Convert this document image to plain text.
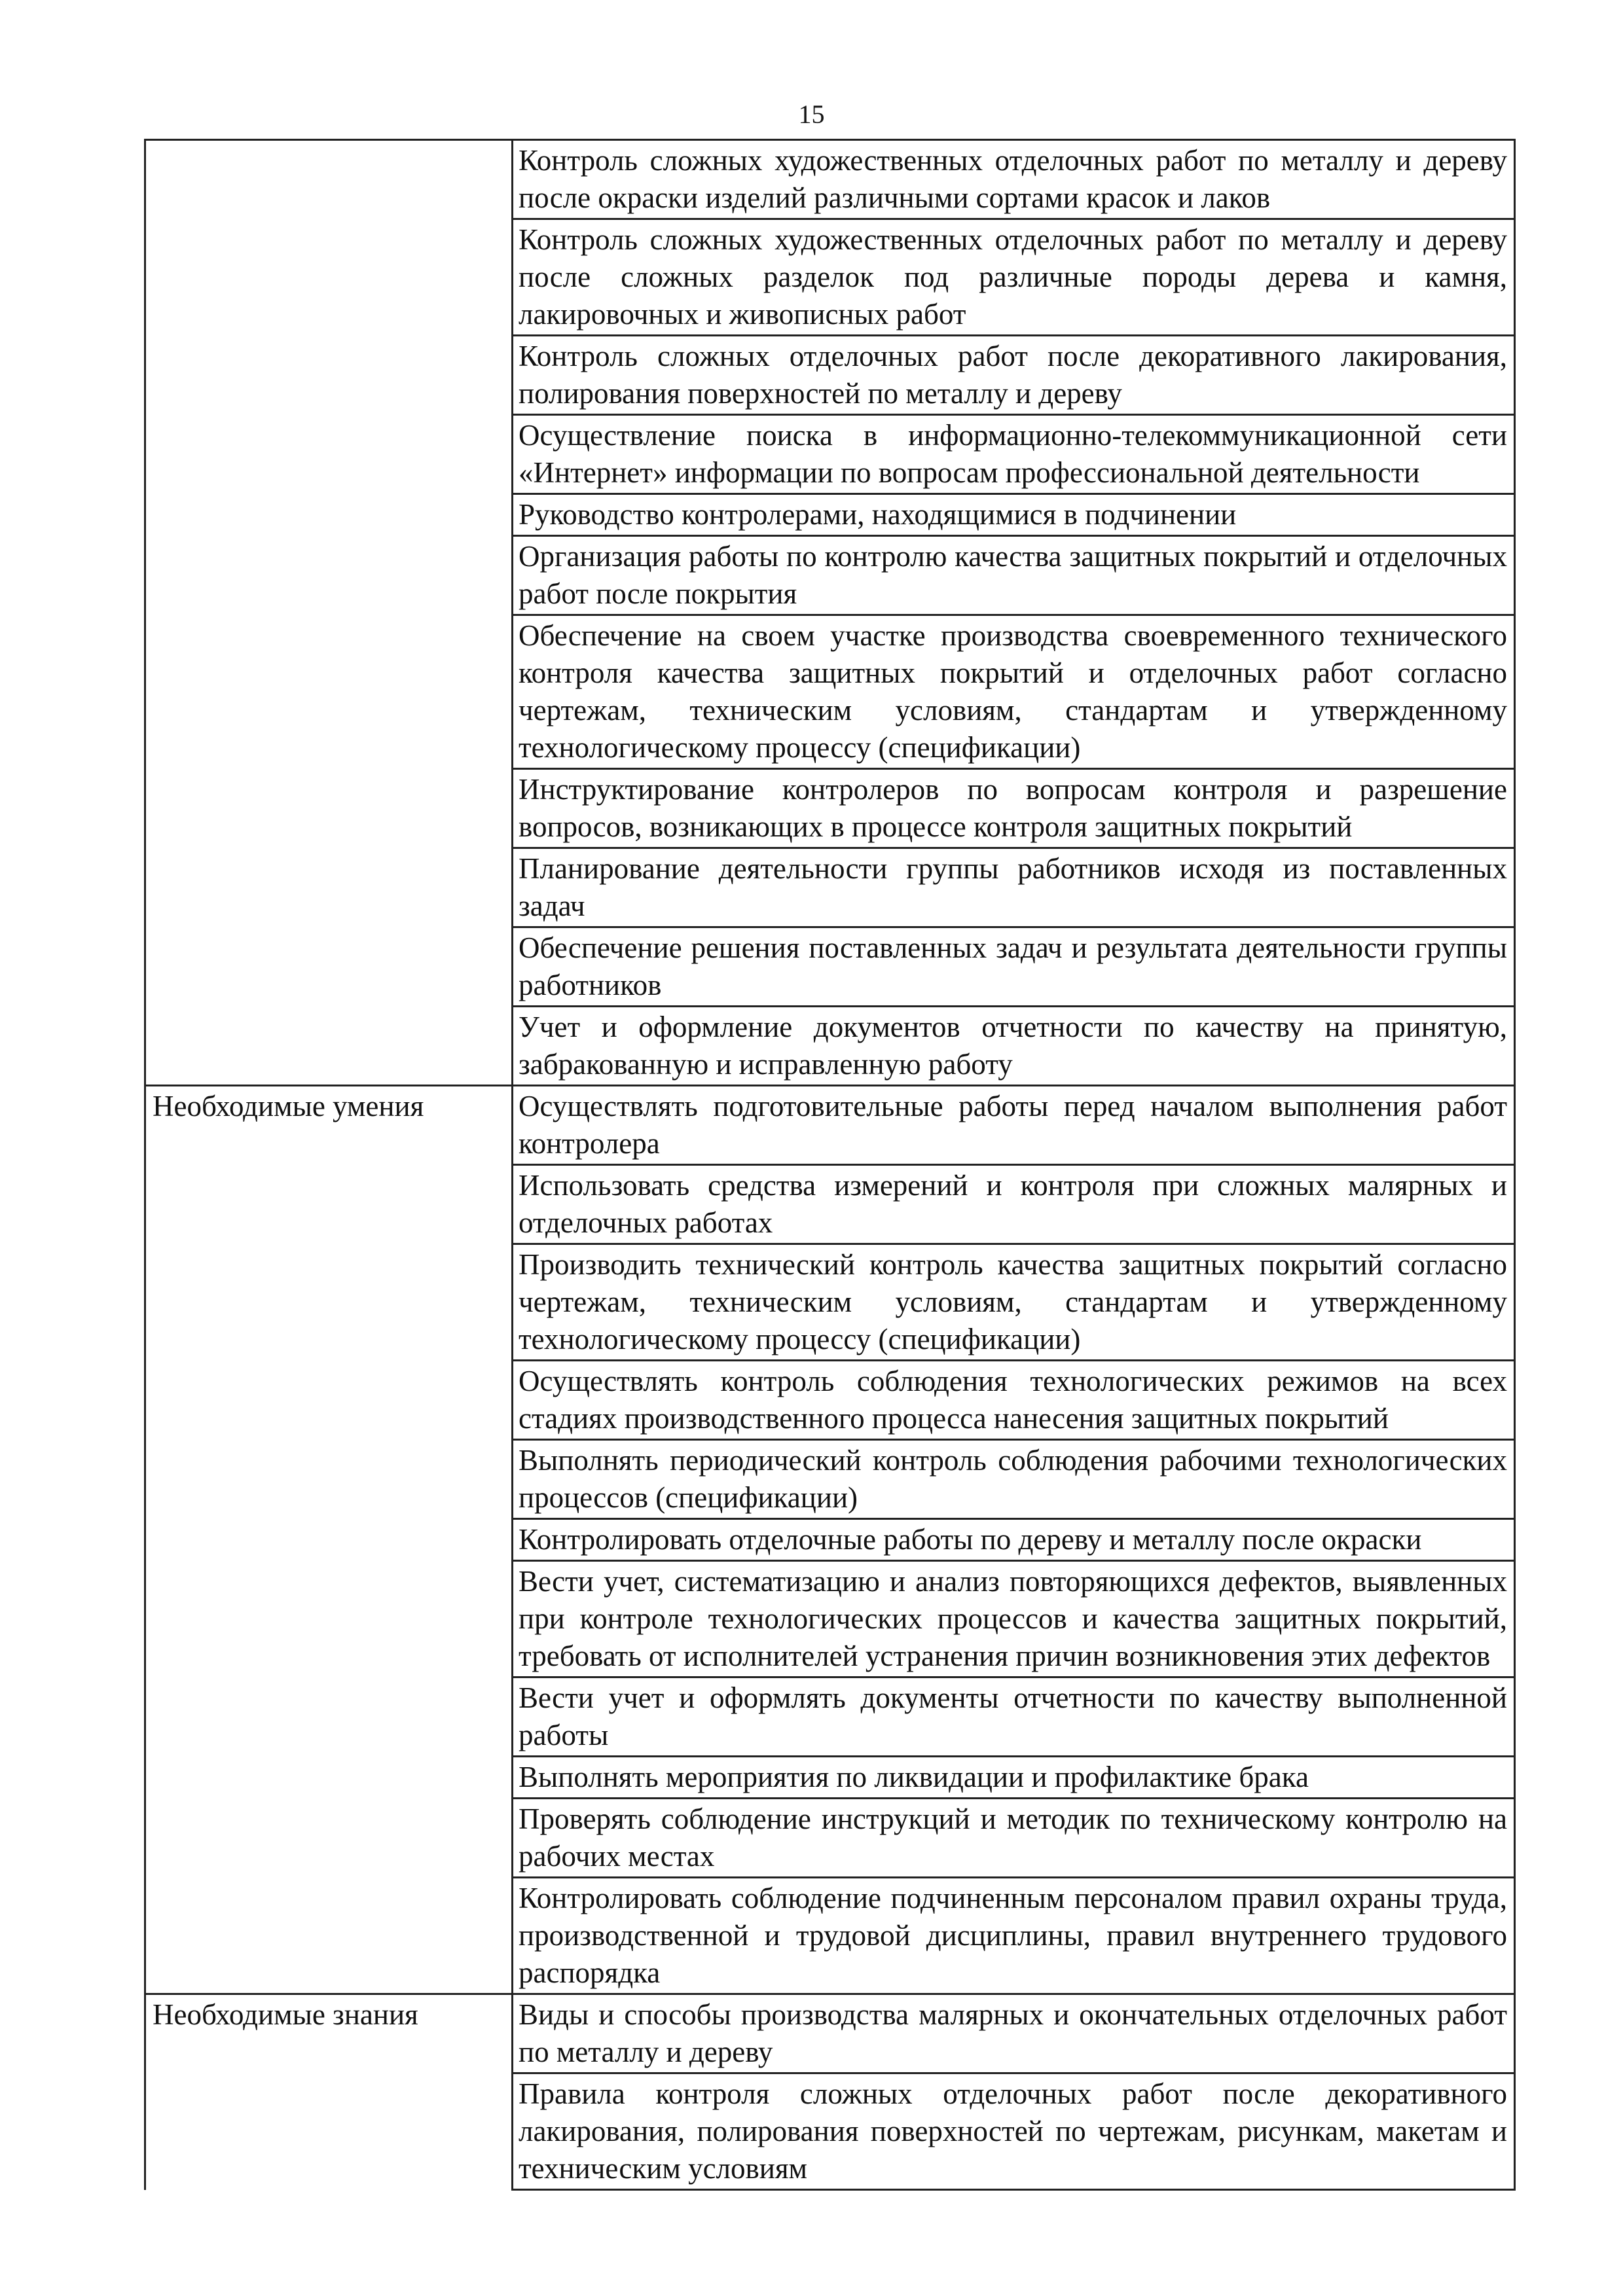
15
	Контроль сложных художественных отделочных работ по металлу и дереву после окраски изделий различными сортами красок и лаков
	Контроль сложных художественных отделочных работ по металлу и дереву после сложных разделок под различные породы дерева и камня, лакировочных и живописных работ
	Контроль сложных отделочных работ после декоративного лакирования, полирования поверхностей по металлу и дереву
	Осуществление поиска в информационно-телекоммуникационной сети «Интернет» информации по вопросам профессиональной деятельности
	Руководство контролерами, находящимися в подчинении
	Организация работы по контролю качества защитных покрытий и отделочных работ после покрытия
	Обеспечение на своем участке производства своевременного технического контроля качества защитных покрытий и отделочных работ согласно чертежам, техническим условиям, стандартам и утвержденному технологическому процессу (спецификации)
	Инструктирование контролеров по вопросам контроля и разрешение вопросов, возникающих в процессе контроля защитных покрытий
	Планирование деятельности группы работников исходя из поставленных задач
	Обеспечение решения поставленных задач и результата деятельности группы работников
	Учет и оформление документов отчетности по качеству на принятую, забракованную и исправленную работу
Необходимые умения	Осуществлять подготовительные работы перед началом выполнения работ контролера
	Использовать средства измерений и контроля при сложных малярных и отделочных работах
	Производить технический контроль качества защитных покрытий согласно чертежам, техническим условиям, стандартам и утвержденному технологическому процессу (спецификации)
	Осуществлять контроль соблюдения технологических режимов на всех стадиях производственного процесса нанесения защитных покрытий
	Выполнять периодический контроль соблюдения рабочими технологических процессов (спецификации)
	Контролировать отделочные работы по дереву и металлу после окраски
	Вести учет, систематизацию и анализ повторяющихся дефектов, выявленных при контроле технологических процессов и качества защитных покрытий, требовать от исполнителей устранения причин возникновения этих дефектов
	Вести учет и оформлять документы отчетности по качеству выполненной работы
	Выполнять мероприятия по ликвидации и профилактике брака
	Проверять соблюдение инструкций и методик по техническому контролю на рабочих местах
	Контролировать соблюдение подчиненным персоналом правил охраны труда, производственной и трудовой дисциплины, правил внутреннего трудового распорядка
Необходимые знания	Виды и способы производства малярных и окончательных отделочных работ по металлу и дереву
	Правила контроля сложных отделочных работ после декоративного лакирования, полирования поверхностей по чертежам, рисункам, макетам и техническим условиям
